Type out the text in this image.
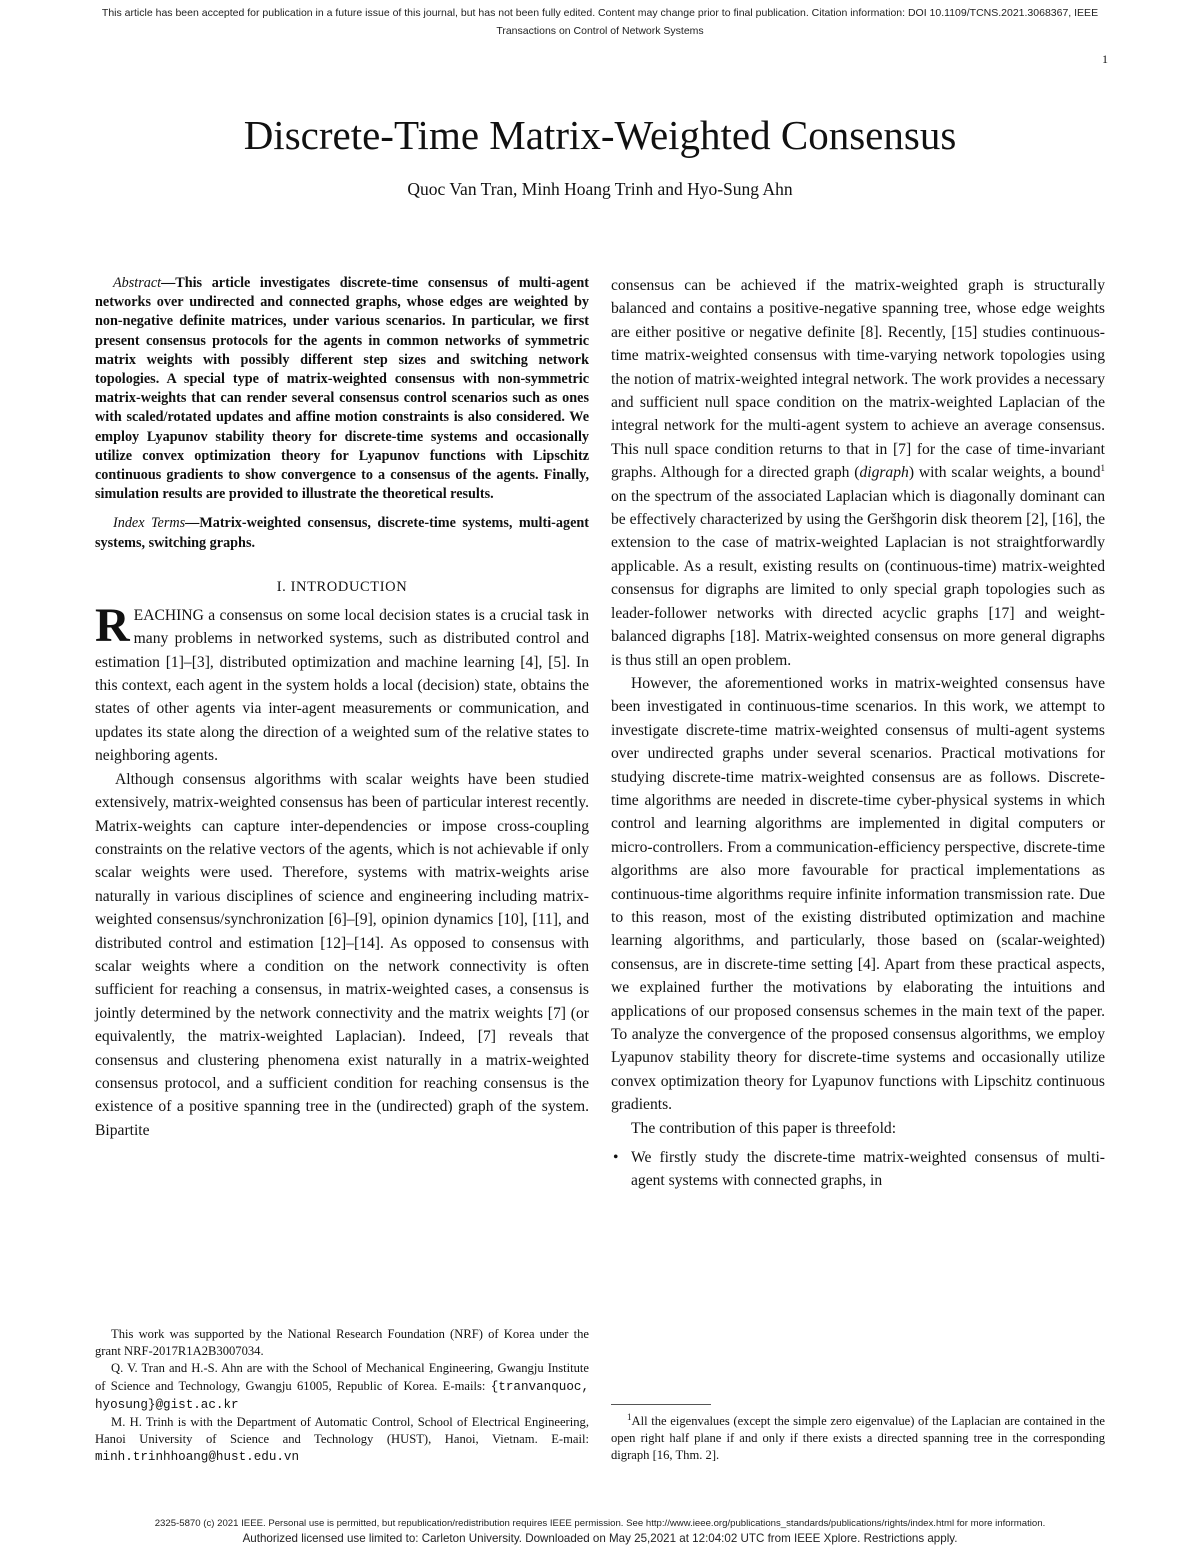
This article has been accepted for publication in a future issue of this journal, but has not been fully edited. Content may change prior to final publication. Citation information: DOI 10.1109/TCNS.2021.3068367, IEEE
Transactions on Control of Network Systems
1
Discrete-Time Matrix-Weighted Consensus
Quoc Van Tran, Minh Hoang Trinh and Hyo-Sung Ahn

Abstract—This article investigates discrete-time consensus of multi-agent networks over undirected and connected graphs, whose edges are weighted by non-negative definite matrices, under various scenarios. In particular, we first present consensus protocols for the agents in common networks of symmetric matrix weights with possibly different step sizes and switching network topologies. A special type of matrix-weighted consensus with non-symmetric matrix-weights that can render several consensus control scenarios such as ones with scaled/rotated updates and affine motion constraints is also considered. We employ Lyapunov stability theory for discrete-time systems and occasionally utilize convex optimization theory for Lyapunov functions with Lipschitz continuous gradients to show convergence to a consensus of the agents. Finally, simulation results are provided to illustrate the theoretical results.

Index Terms—Matrix-weighted consensus, discrete-time systems, multi-agent systems, switching graphs.

I. INTRODUCTION

REACHING a consensus on some local decision states is a crucial task in many problems in networked systems, such as distributed control and estimation [1]–[3], distributed optimization and machine learning [4], [5]. In this context, each agent in the system holds a local (decision) state, obtains the states of other agents via inter-agent measurements or communication, and updates its state along the direction of a weighted sum of the relative states to neighboring agents.

Although consensus algorithms with scalar weights have been studied extensively, matrix-weighted consensus has been of particular interest recently. Matrix-weights can capture inter-dependencies or impose cross-coupling constraints on the relative vectors of the agents, which is not achievable if only scalar weights were used. Therefore, systems with matrix-weights arise naturally in various disciplines of science and engineering including matrix-weighted consensus/synchronization [6]–[9], opinion dynamics [10], [11], and distributed control and estimation [12]–[14]. As opposed to consensus with scalar weights where a condition on the network connectivity is often sufficient for reaching a consensus, in matrix-weighted cases, a consensus is jointly determined by the network connectivity and the matrix weights [7] (or equivalently, the matrix-weighted Laplacian). Indeed, [7] reveals that consensus and clustering phenomena exist naturally in a matrix-weighted consensus protocol, and a sufficient condition for reaching consensus is the existence of a positive spanning tree in the (undirected) graph of the system. Bipartite

consensus can be achieved if the matrix-weighted graph is structurally balanced and contains a positive-negative spanning tree, whose edge weights are either positive or negative definite [8]. Recently, [15] studies continuous-time matrix-weighted consensus with time-varying network topologies using the notion of matrix-weighted integral network. The work provides a necessary and sufficient null space condition on the matrix-weighted Laplacian of the integral network for the multi-agent system to achieve an average consensus. This null space condition returns to that in [7] for the case of time-invariant graphs. Although for a directed graph (digraph) with scalar weights, a bound$^1$ on the spectrum of the associated Laplacian which is diagonally dominant can be effectively characterized by using the Geršhgorin disk theorem [2], [16], the extension to the case of matrix-weighted Laplacian is not straightforwardly applicable. As a result, existing results on (continuous-time) matrix-weighted consensus for digraphs are limited to only special graph topologies such as leader-follower networks with directed acyclic graphs [17] and weight-balanced digraphs [18]. Matrix-weighted consensus on more general digraphs is thus still an open problem.

However, the aforementioned works in matrix-weighted consensus have been investigated in continuous-time scenarios. In this work, we attempt to investigate discrete-time matrix-weighted consensus of multi-agent systems over undirected graphs under several scenarios. Practical motivations for studying discrete-time matrix-weighted consensus are as follows. Discrete-time algorithms are needed in discrete-time cyber-physical systems in which control and learning algorithms are implemented in digital computers or micro-controllers. From a communication-efficiency perspective, discrete-time algorithms are also more favourable for practical implementations as continuous-time algorithms require infinite information transmission rate. Due to this reason, most of the existing distributed optimization and machine learning algorithms, and particularly, those based on (scalar-weighted) consensus, are in discrete-time setting [4]. Apart from these practical aspects, we explained further the motivations by elaborating the intuitions and applications of our proposed consensus schemes in the main text of the paper. To analyze the convergence of the proposed consensus algorithms, we employ Lyapunov stability theory for discrete-time systems and occasionally utilize convex optimization theory for Lyapunov functions with Lipschitz continuous gradients.

The contribution of this paper is threefold:

• We firstly study the discrete-time matrix-weighted consensus of multi-agent systems with connected graphs, in

This work was supported by the National Research Foundation (NRF) of Korea under the grant NRF-2017R1A2B3007034.

Q. V. Tran and H.-S. Ahn are with the School of Mechanical Engineering, Gwangju Institute of Science and Technology, Gwangju 61005, Republic of Korea. E-mails: {tranvanquoc, hyosung}@gist.ac.kr

M. H. Trinh is with the Department of Automatic Control, School of Electrical Engineering, Hanoi University of Science and Technology (HUST), Hanoi, Vietnam. E-mail: minh.trinhhoang@hust.edu.vn

$^1$All the eigenvalues (except the simple zero eigenvalue) of the Laplacian are contained in the open right half plane if and only if there exists a directed spanning tree in the corresponding digraph [16, Thm. 2].

2325-5870 (c) 2021 IEEE. Personal use is permitted, but republication/redistribution requires IEEE permission. See http://www.ieee.org/publications_standards/publications/rights/index.html for more information.
Authorized licensed use limited to: Carleton University. Downloaded on May 25,2021 at 12:04:02 UTC from IEEE Xplore. Restrictions apply.
